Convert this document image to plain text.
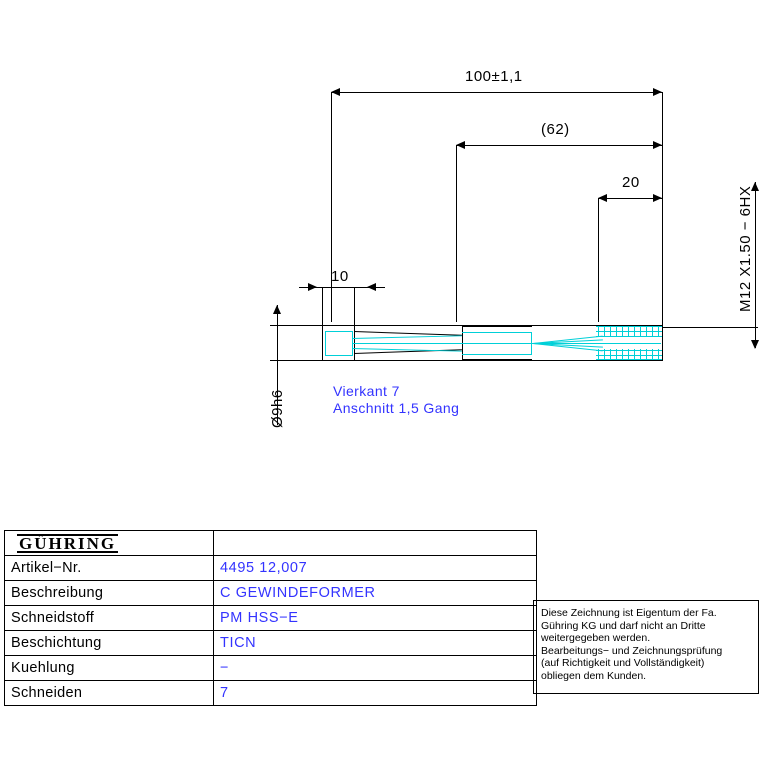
100±1,1
(62)
20
10	M12 X1.50 − 6HX
Ø9h6	Vierkant 7
Anschnitt 1,5 Gang
GÜHRING	
Artikel−Nr.	4495 12,007
Beschreibung	C GEWINDEFORMER
Schneidstoff	PM HSS−E
Beschichtung	TICN
Kuehlung	−
Schneiden	7
Diese Zeichnung ist Eigentum der Fa.
Gühring KG und darf nicht an Dritte
weitergegeben werden.
Bearbeitungs− und Zeichnungsprüfung
(auf Richtigkeit und Vollständigkeit)
obliegen dem Kunden.
